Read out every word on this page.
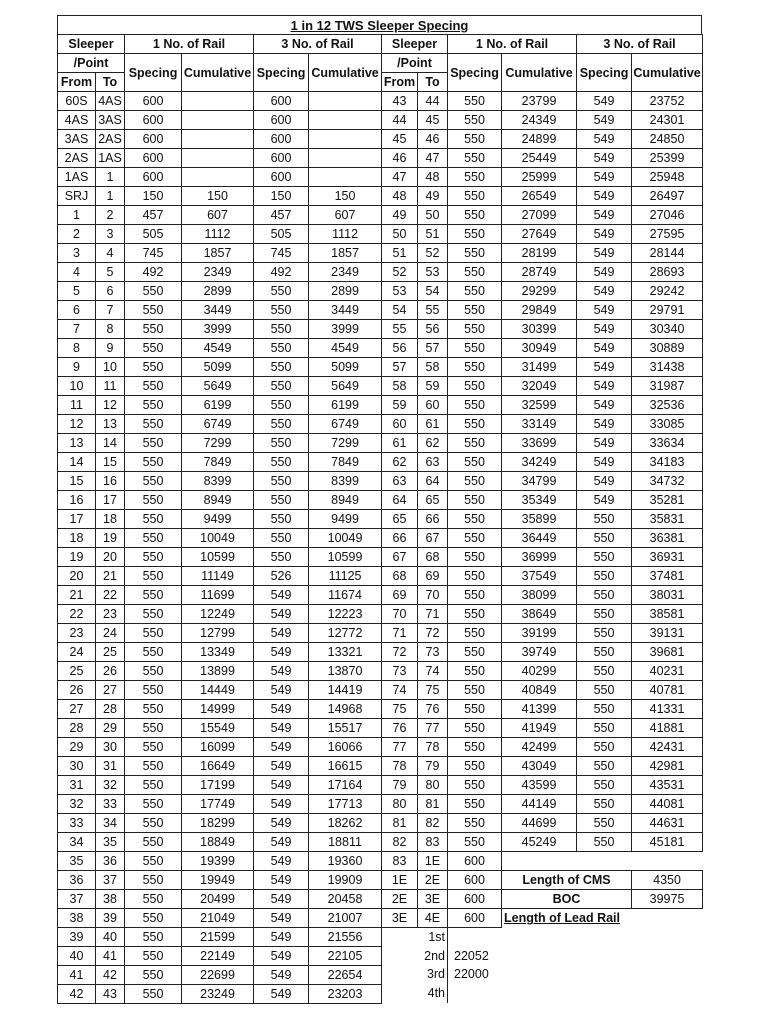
1 in 12 TWS Sleeper Specing
Sleeper		1 No. of Rail		3 No. of Rail	
/Point		Specing	Cumulative	Specing	Cumulative
From	To				
60S	4AS	600		600	
4AS	3AS	600		600	
3AS	2AS	600		600	
2AS	1AS	600		600	
1AS	1	600		600	
SRJ	1	150	150	150	150
1	2	457	607	457	607
2	3	505	1112	505	1112
3	4	745	1857	745	1857
4	5	492	2349	492	2349
5	6	550	2899	550	2899
6	7	550	3449	550	3449
7	8	550	3999	550	3999
8	9	550	4549	550	4549
9	10	550	5099	550	5099
10	11	550	5649	550	5649
11	12	550	6199	550	6199
12	13	550	6749	550	6749
13	14	550	7299	550	7299
14	15	550	7849	550	7849
15	16	550	8399	550	8399
16	17	550	8949	550	8949
17	18	550	9499	550	9499
18	19	550	10049	550	10049
19	20	550	10599	550	10599
20	21	550	11149	526	11125
21	22	550	11699	549	11674
22	23	550	12249	549	12223
23	24	550	12799	549	12772
24	25	550	13349	549	13321
25	26	550	13899	549	13870
26	27	550	14449	549	14419
27	28	550	14999	549	14968
28	29	550	15549	549	15517
29	30	550	16099	549	16066
30	31	550	16649	549	16615
31	32	550	17199	549	17164
32	33	550	17749	549	17713
33	34	550	18299	549	18262
34	35	550	18849	549	18811
35	36	550	19399	549	19360
36	37	550	19949	549	19909
37	38	550	20499	549	20458
38	39	550	21049	549	21007
39	40	550	21599	549	21556
40	41	550	22149	549	22105
41	42	550	22699	549	22654
42	43	550	23249	549	23203
Sleeper		1 No. of Rail		3 No. of Rail	
/Point		Specing	Cumulative	Specing	Cumulative
From	To				
43	44	550	23799	549	23752
44	45	550	24349	549	24301
45	46	550	24899	549	24850
46	47	550	25449	549	25399
47	48	550	25999	549	25948
48	49	550	26549	549	26497
49	50	550	27099	549	27046
50	51	550	27649	549	27595
51	52	550	28199	549	28144
52	53	550	28749	549	28693
53	54	550	29299	549	29242
54	55	550	29849	549	29791
55	56	550	30399	549	30340
56	57	550	30949	549	30889
57	58	550	31499	549	31438
58	59	550	32049	549	31987
59	60	550	32599	549	32536
60	61	550	33149	549	33085
61	62	550	33699	549	33634
62	63	550	34249	549	34183
63	64	550	34799	549	34732
64	65	550	35349	549	35281
65	66	550	35899	550	35831
66	67	550	36449	550	36381
67	68	550	36999	550	36931
68	69	550	37549	550	37481
69	70	550	38099	550	38031
70	71	550	38649	550	38581
71	72	550	39199	550	39131
72	73	550	39749	550	39681
73	74	550	40299	550	40231
74	75	550	40849	550	40781
75	76	550	41399	550	41331
76	77	550	41949	550	41881
77	78	550	42499	550	42431
78	79	550	43049	550	42981
79	80	550	43599	550	43531
80	81	550	44149	550	44081
81	82	550	44699	550	44631
82	83	550	45249	550	45181
83	1E	600			
1E	2E	600	Length of CMS		4350
2E	3E	600	BOC		39975
3E	4E	600	Length of Lead Rail		
1st					
2nd		22052			
3rd		22000			
4th					
